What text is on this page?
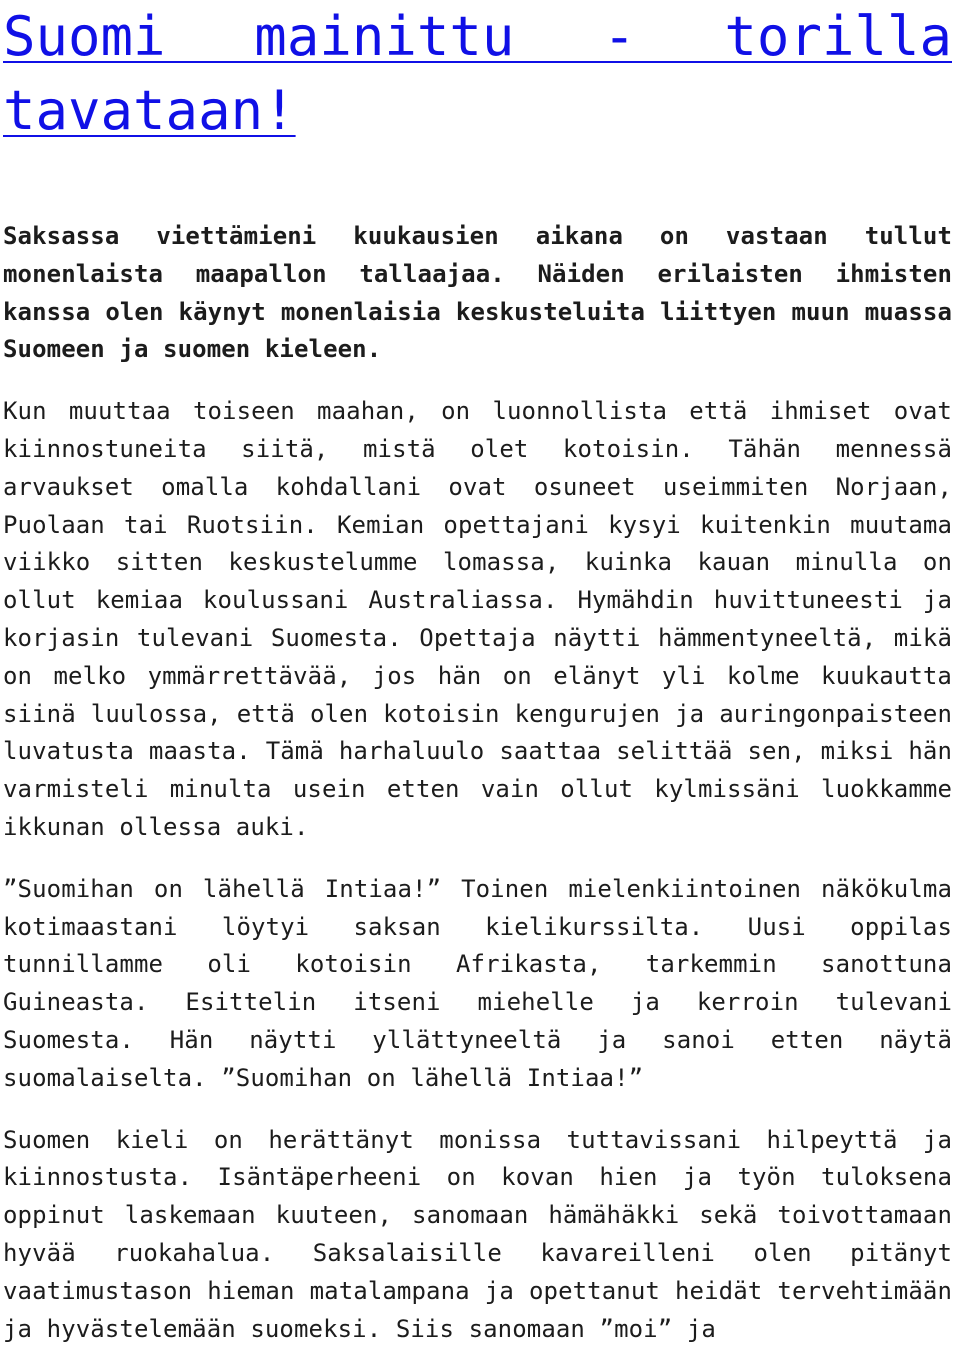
Suomi mainittu - torilla tavataan!

Saksassa viettämieni kuukausien aikana on vastaan tullut monenlaista maapallon tallaajaa. Näiden erilaisten ihmisten kanssa olen käynyt monenlaisia keskusteluita liittyen muun muassa Suomeen ja suomen kieleen.

Kun muuttaa toiseen maahan, on luonnollista että ihmiset ovat kiinnostuneita siitä, mistä olet kotoisin. Tähän mennessä arvaukset omalla kohdallani ovat osuneet useimmiten Norjaan, Puolaan tai Ruotsiin. Kemian opettajani kysyi kuitenkin muutama viikko sitten keskustelumme lomassa, kuinka kauan minulla on ollut kemiaa koulussani Australiassa. Hymähdin huvittuneesti ja korjasin tulevani Suomesta. Opettaja näytti hämmentyneeltä, mikä on melko ymmärrettävää, jos hän on elänyt yli kolme kuukautta siinä luulossa, että olen kotoisin kengurujen ja auringonpaisteen luvatusta maasta. Tämä harhaluulo saattaa selittää sen, miksi hän varmisteli minulta usein etten vain ollut kylmissäni luokkamme ikkunan ollessa auki.

”Suomihan on lähellä Intiaa!” Toinen mielenkiintoinen näkökulma kotimaastani löytyi saksan kielikurssilta. Uusi oppilas tunnillamme oli kotoisin Afrikasta, tarkemmin sanottuna Guineasta. Esittelin itseni miehelle ja kerroin tulevani Suomesta. Hän näytti yllättyneeltä ja sanoi etten näytä suomalaiselta. ”Suomihan on lähellä Intiaa!”

Suomen kieli on herättänyt monissa tuttavissani hilpeyttä ja kiinnostusta. Isäntäperheeni on kovan hien ja työn tuloksena oppinut laskemaan kuuteen, sanomaan hämähäkki sekä toivottamaan hyvää ruokahalua. Saksalaisille kavareilleni olen pitänyt vaatimustason hieman matalampana ja opettanut heidät tervehtimään ja hyvästelemään suomeksi. Siis sanomaan ”moi” ja
